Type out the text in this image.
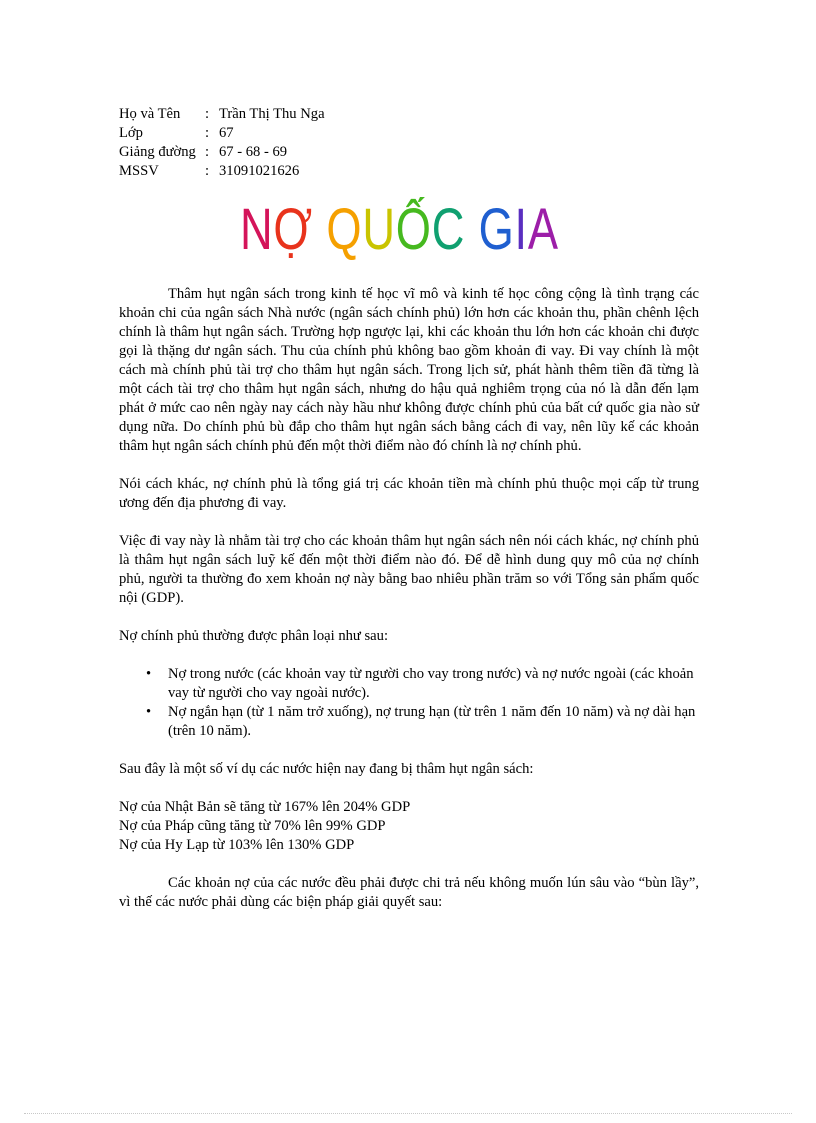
Họ và Tên	: Trần Thị Thu Nga
Lớp	: 67
Giảng đường : 67 - 68 - 69
MSSV	: 31091021626
NỢ QUỐC GIA

Thâm hụt ngân sách trong kinh tế học vĩ mô và kinh tế học công cộng là tình trạng các khoản chi của ngân sách Nhà nước (ngân sách chính phủ) lớn hơn các khoản thu, phần chênh lệch chính là thâm hụt ngân sách. Trường hợp ngược lại, khi các khoản thu lớn hơn các khoản chi được gọi là thặng dư ngân sách. Thu của chính phủ không bao gồm khoản đi vay. Đi vay chính là một cách mà chính phủ tài trợ cho thâm hụt ngân sách. Trong lịch sử, phát hành thêm tiền đã từng là một cách tài trợ cho thâm hụt ngân sách, nhưng do hậu quả nghiêm trọng của nó là dẫn đến lạm phát ở mức cao nên ngày nay cách này hầu như không được chính phủ của bất cứ quốc gia nào sử dụng nữa. Do chính phủ bù đắp cho thâm hụt ngân sách bằng cách đi vay, nên lũy kế các khoản thâm hụt ngân sách chính phủ đến một thời điểm nào đó chính là nợ chính phủ.

Nói cách khác, nợ chính phủ là tổng giá trị các khoản tiền mà chính phủ thuộc mọi cấp từ trung ương đến địa phương đi vay.

Việc đi vay này là nhằm tài trợ cho các khoản thâm hụt ngân sách nên nói cách khác, nợ chính phủ là thâm hụt ngân sách luỹ kế đến một thời điểm nào đó. Để dễ hình dung quy mô của nợ chính phủ, người ta thường đo xem khoản nợ này bằng bao nhiêu phần trăm so với Tổng sản phẩm quốc nội (GDP).

Nợ chính phủ thường được phân loại như sau:

• Nợ trong nước (các khoản vay từ người cho vay trong nước) và nợ nước ngoài (các khoản vay từ người cho vay ngoài nước).
• Nợ ngắn hạn (từ 1 năm trở xuống), nợ trung hạn (từ trên 1 năm đến 10 năm) và nợ dài hạn (trên 10 năm).

Sau đây là một số ví dụ các nước hiện nay đang bị thâm hụt ngân sách:

Nợ của Nhật Bản sẽ tăng từ 167% lên 204% GDP

Nợ của Pháp cũng tăng từ 70% lên 99% GDP

Nợ của Hy Lạp từ 103% lên 130% GDP

Các khoản nợ của các nước đều phải được chi trả nếu không muốn lún sâu vào “bùn lầy”, vì thế các nước phải dùng các biện pháp giải quyết sau:
